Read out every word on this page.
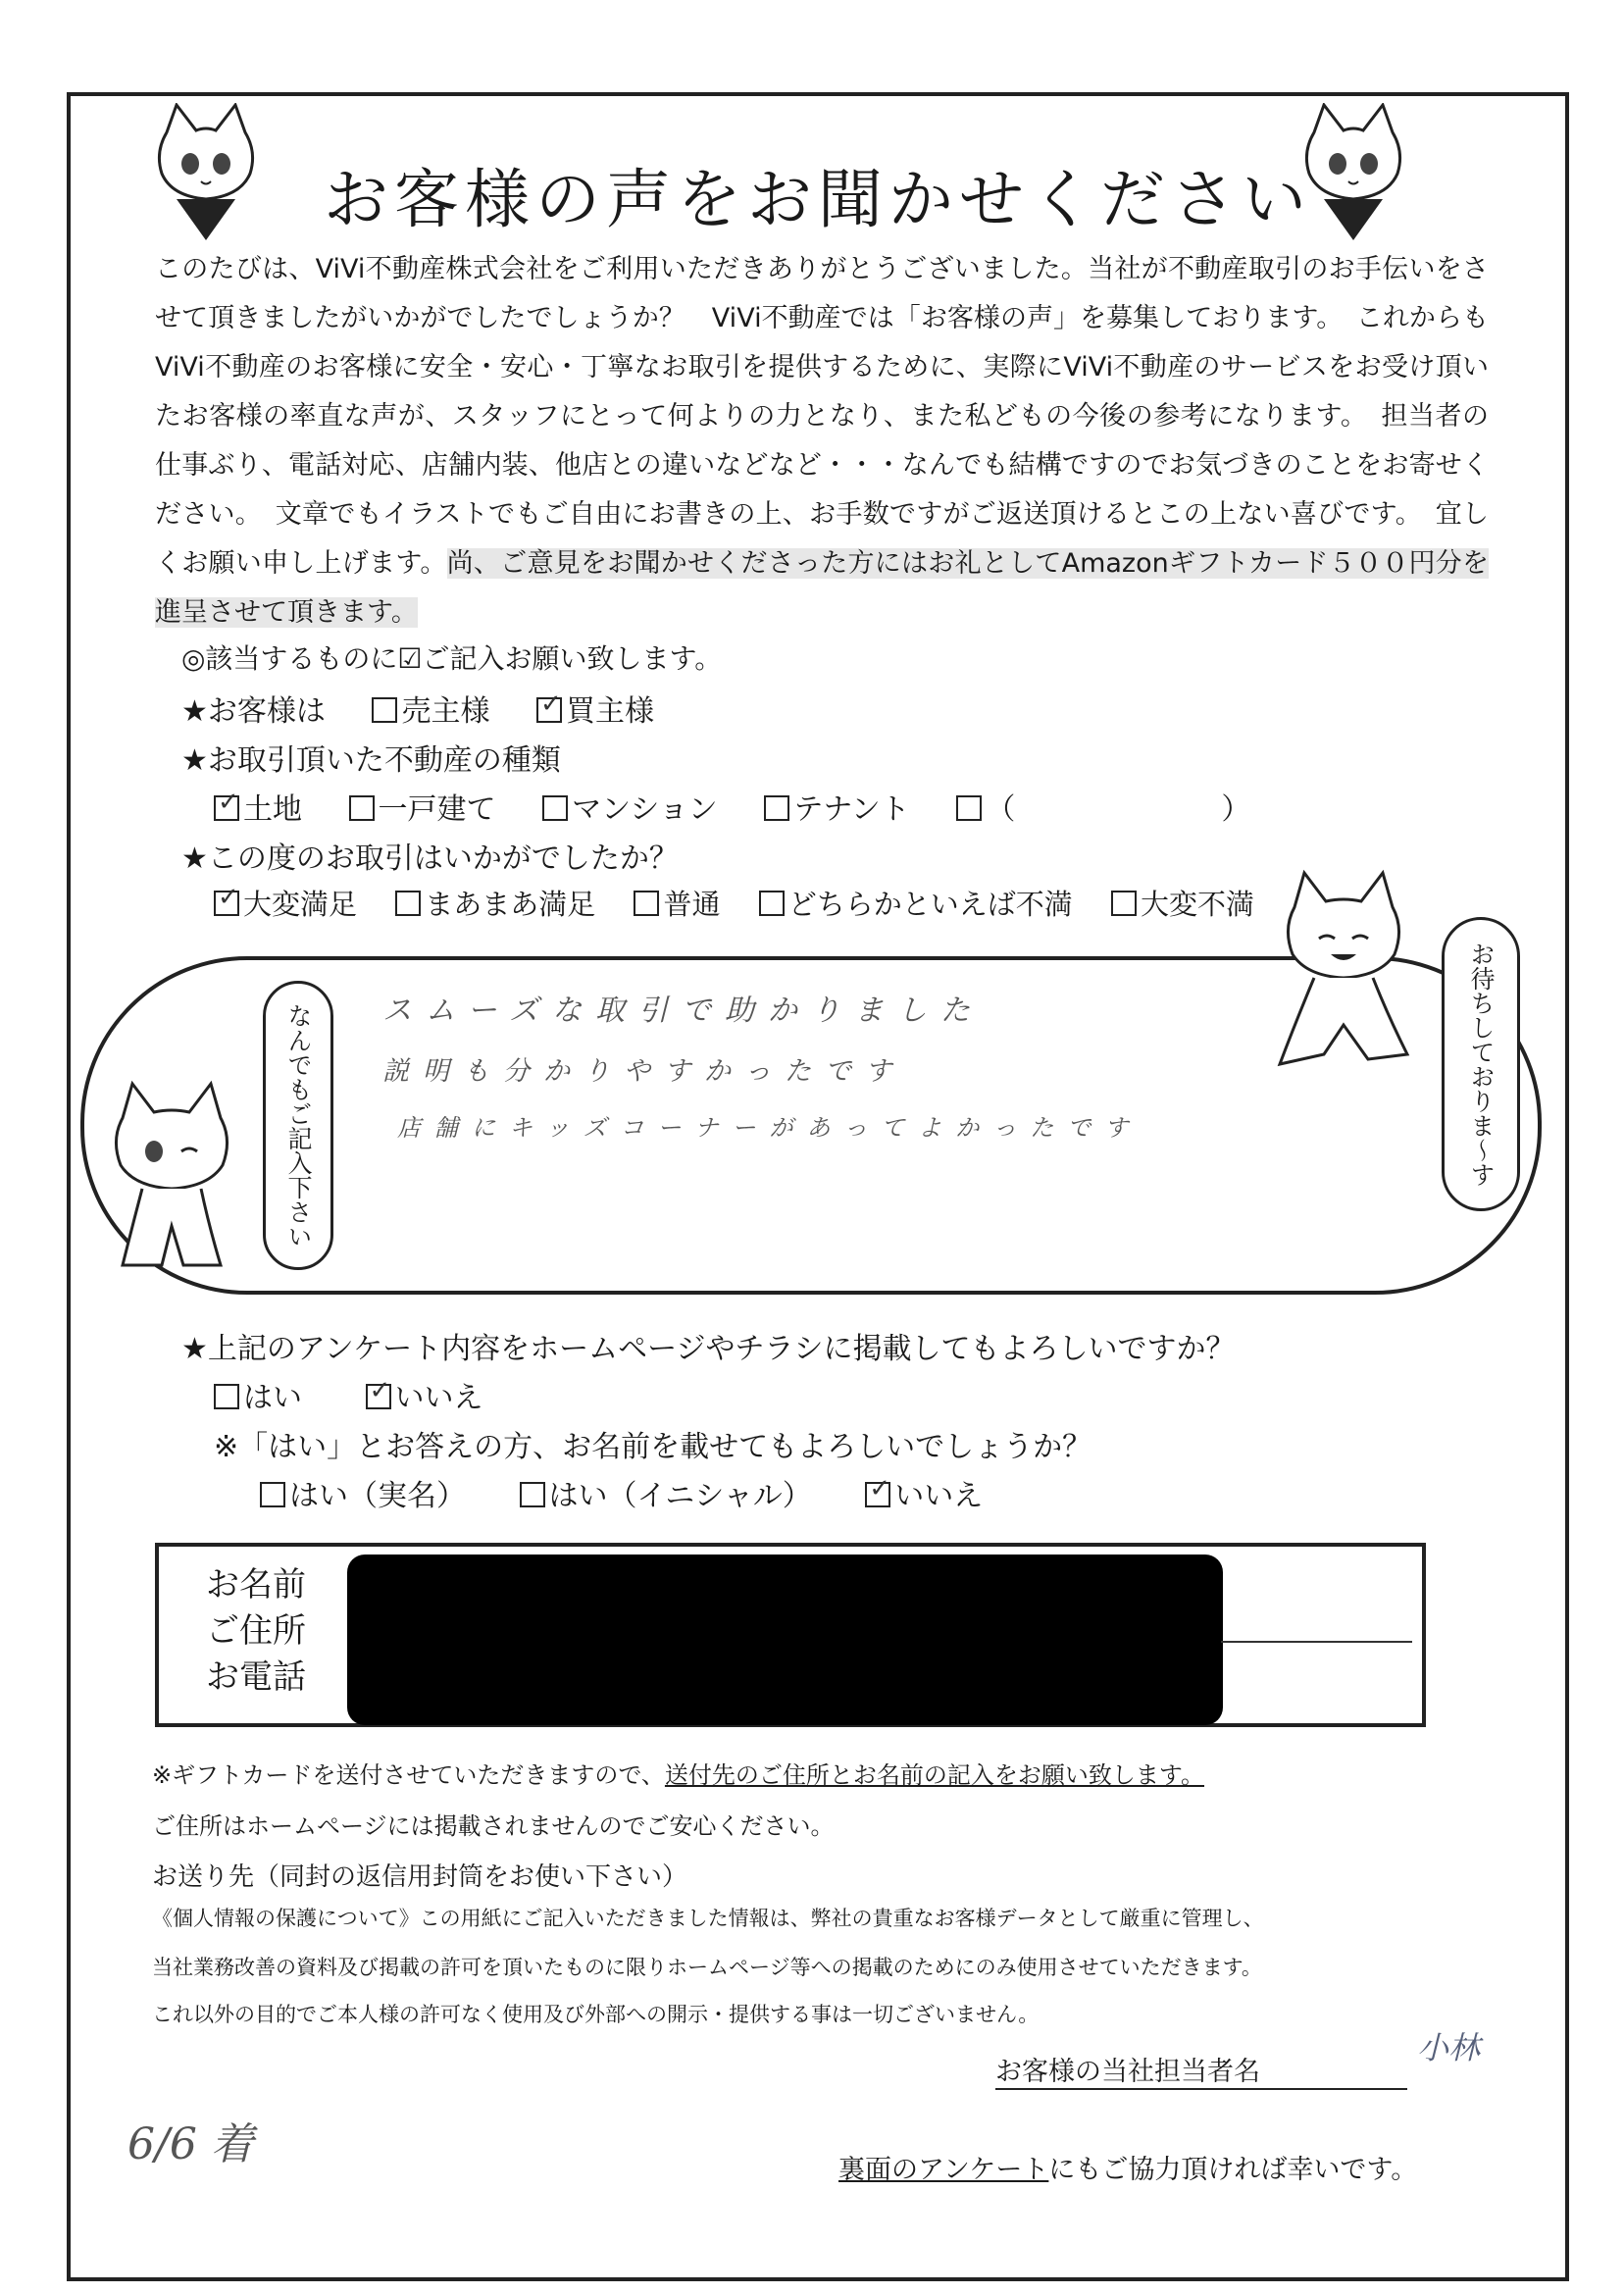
お客様の声をお聞かせください

このたびは、ViVi不動産株式会社をご利用いただきありがとうございました。当社が不動産取引のお手伝いをさせて頂きましたがいかがでしたでしょうか？　ViVi不動産では「お客様の声」を募集しております。　これからもViVi不動産のお客様に安全・安心・丁寧なお取引を提供するために、実際にViVi不動産のサービスをお受け頂いたお客様の率直な声が、スタッフにとって何よりの力となり、また私どもの今後の参考になります。　担当者の仕事ぶり、電話対応、店舗内装、他店との違いなどなど・・・なんでも結構ですのでお気づきのことをお寄せください。　文章でもイラストでもご自由にお書きの上、お手数ですがご返送頂けるとこの上ない喜びです。　宜しくお願い申し上げます。尚、ご意見をお聞かせくださった方にはお礼としてAmazonギフトカード５００円分を進呈させて頂きます。

◎該当するものに☑ご記入お願い致します。
★お客様は	売主様 ✓	買主様
★お取引頂いた不動産の種類
✓土地	一戸建て	マンション	テナント	（　　　　　　　）
★この度のお取引はいかがでしたか？
✓大変満足 まあまあ満足 普通 どちらかといえば不満 大変不満
なんでもご記入下さい	お待ちしておりま～す
スムーズな取引で助かりました
説明も分かりやすかったです
店舗にキッズコーナーがあってよかったです
★上記のアンケート内容をホームページやチラシに掲載してもよろしいですか？
はい ✓	いいえ
※「はい」とお答えの方、お名前を載せてもよろしいでしょうか？
はい（実名）	はい（イニシャル） ✓	いいえ
お名前
ご住所
お電話
※ギフトカードを送付させていただきますので、送付先のご住所とお名前の記入をお願い致します。
ご住所はホームページには掲載されませんのでご安心ください。
お送り先（同封の返信用封筒をお使い下さい）
《個人情報の保護について》この用紙にご記入いただきました情報は、弊社の貴重なお客様データとして厳重に管理し、
当社業務改善の資料及び掲載の許可を頂いたものに限りホームページ等への掲載のためにのみ使用させていただきます。
これ以外の目的でご本人様の許可なく使用及び外部への開示・提供する事は一切ございません。
お客様の当社担当者名
小林
6/6 着
裏面のアンケートにもご協力頂ければ幸いです。
